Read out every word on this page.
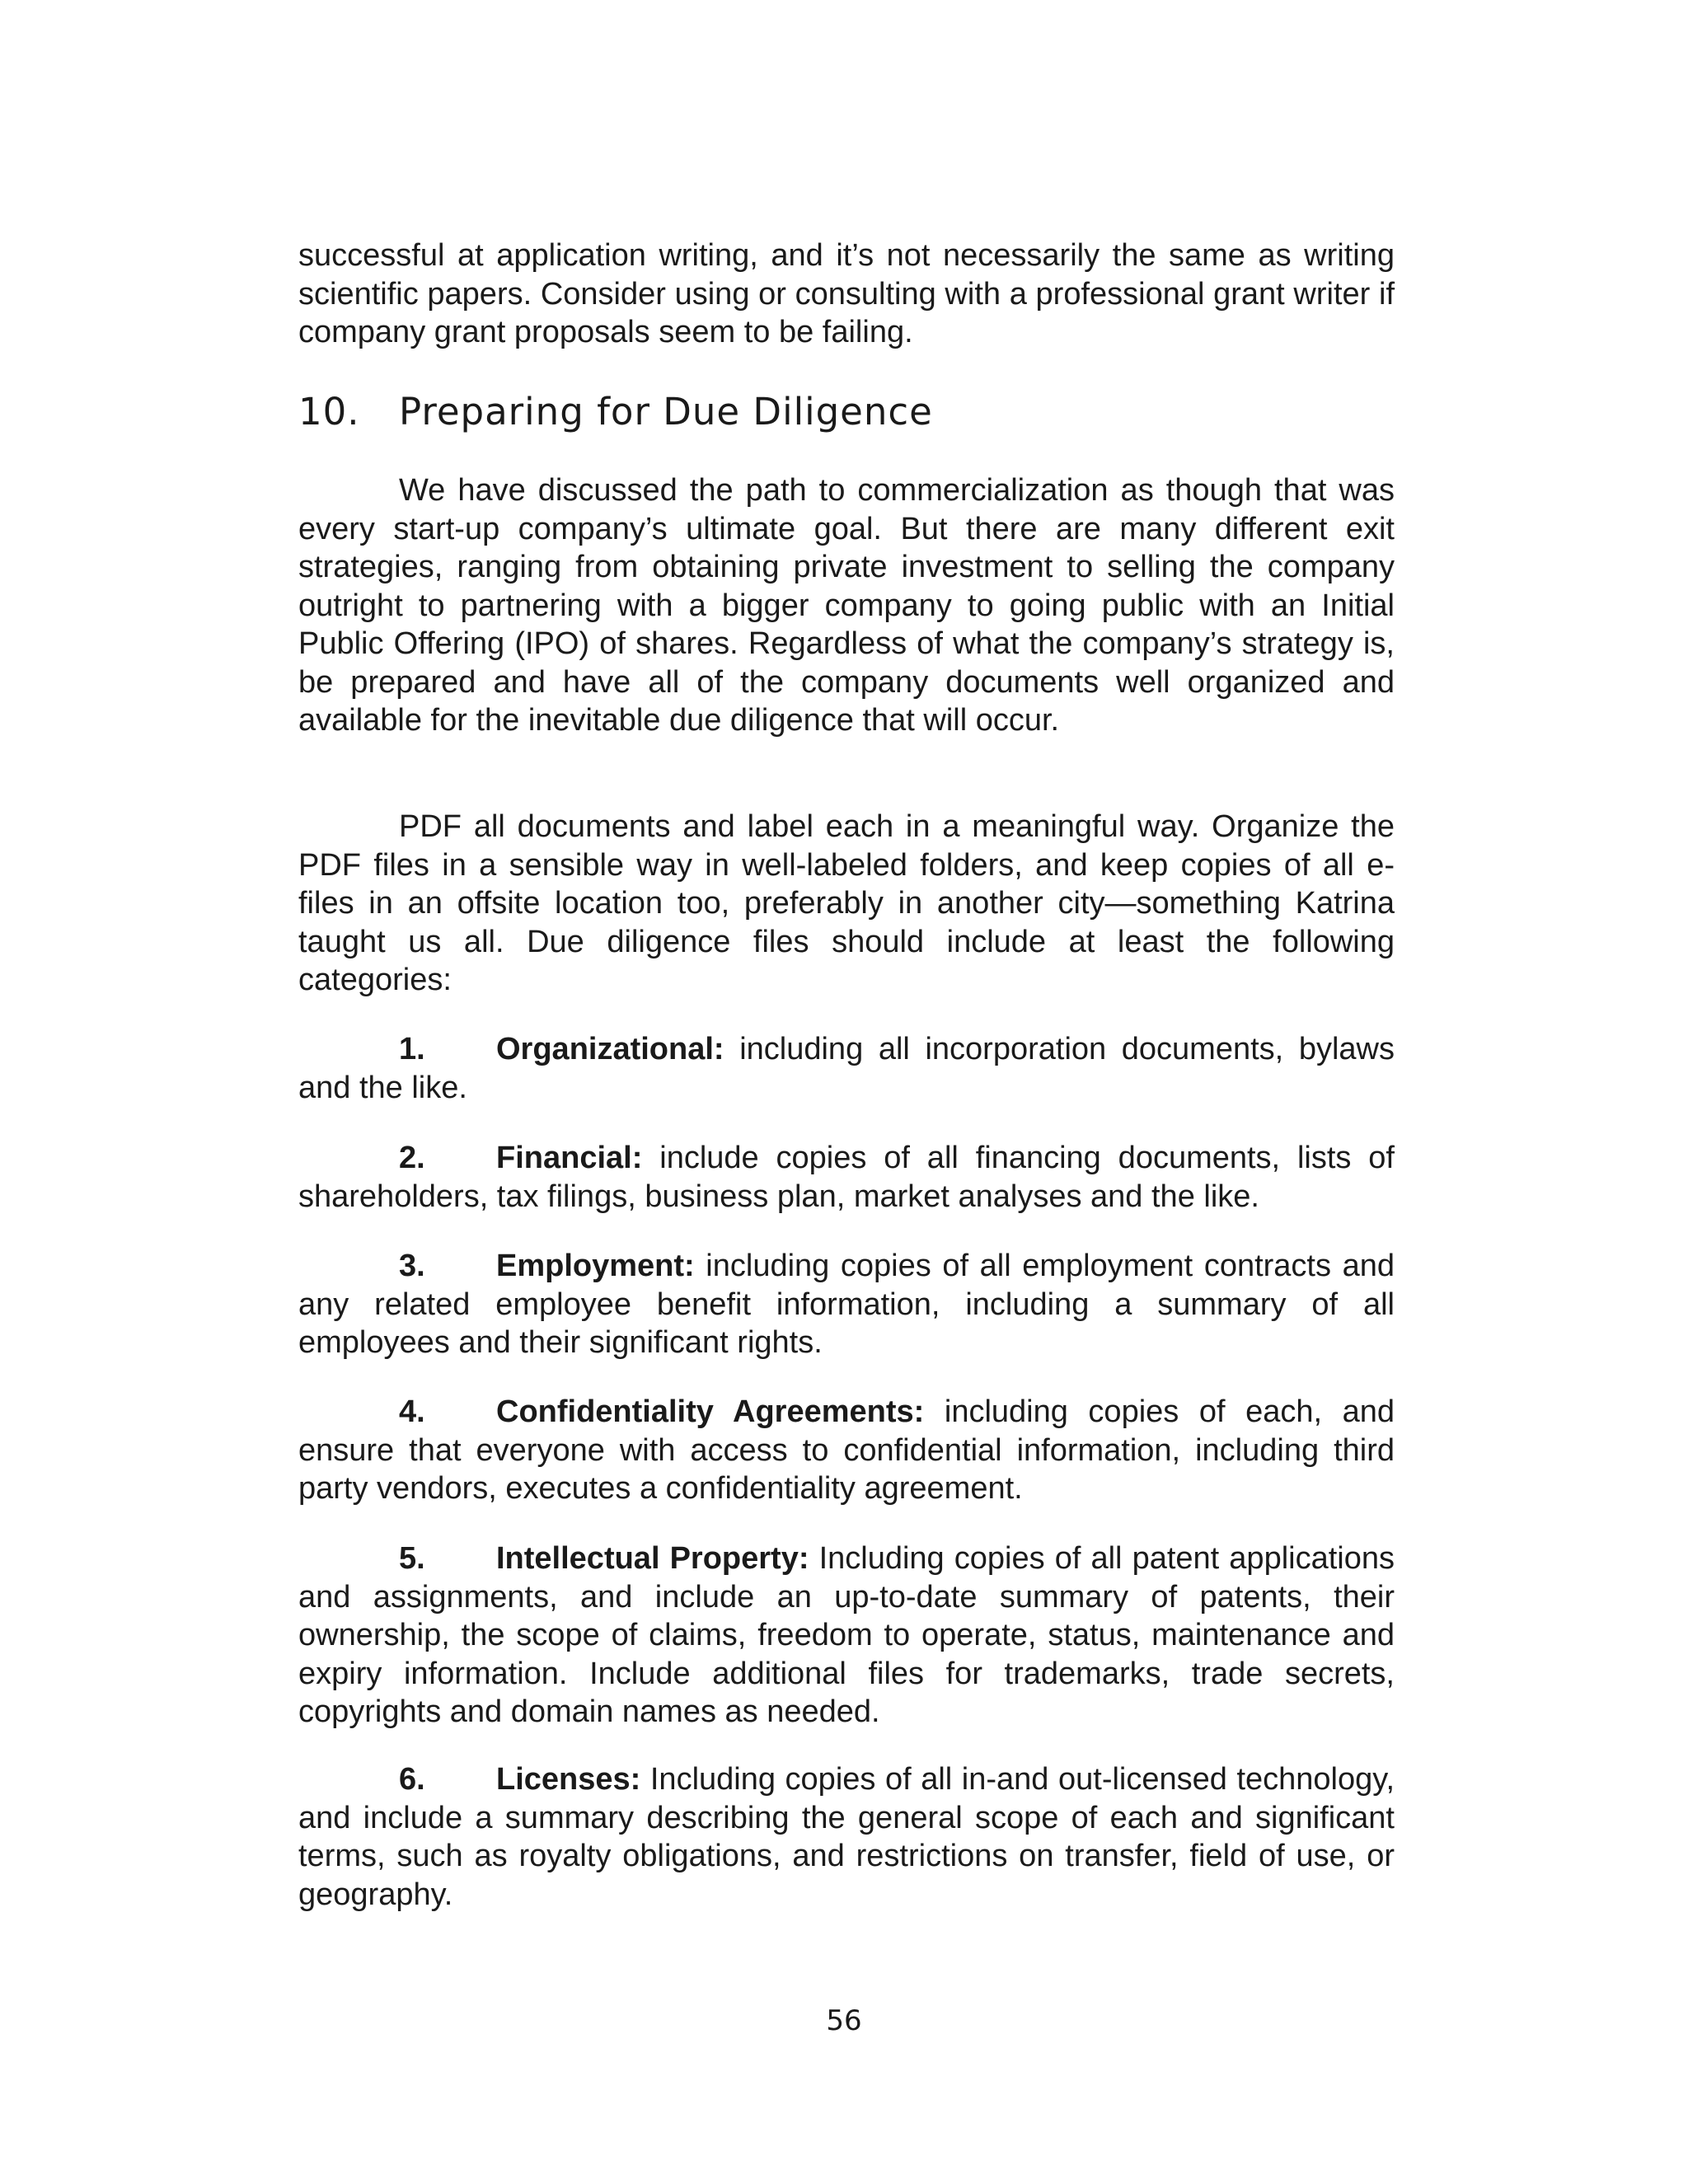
successful at application writing, and it’s not necessarily the same as writing scientific papers. Consider using or consulting with a professional grant writer if company grant proposals seem to be failing.

10. Preparing for Due Diligence

We have discussed the path to commercialization as though that was every start-up company’s ultimate goal. But there are many different exit strategies, ranging from obtaining private investment to selling the company outright to partnering with a bigger company to going public with an Initial Public Offering (IPO) of shares. Regardless of what the company’s strategy is, be prepared and have all of the company documents well organized and available for the inevitable due diligence that will occur.

PDF all documents and label each in a meaningful way. Organize the PDF files in a sensible way in well-labeled folders, and keep copies of all e-files in an offsite location too, preferably in another city—something Katrina taught us all. Due diligence files should include at least the following categories:

1. Organizational: including all incorporation documents, bylaws and the like.

2. Financial: include copies of all financing documents, lists of shareholders, tax filings, business plan, market analyses and the like.

3. Employment: including copies of all employment contracts and any related employee benefit information, including a summary of all employees and their significant rights.

4. Confidentiality Agreements: including copies of each, and ensure that everyone with access to confidential information, including third party vendors, executes a confidentiality agreement.

5. Intellectual Property: Including copies of all patent applications and assignments, and include an up-to-date summary of patents, their ownership, the scope of claims, freedom to operate, status, maintenance and expiry information. Include additional files for trademarks, trade secrets, copyrights and domain names as needed.

6. Licenses: Including copies of all in-and out-licensed technology, and include a summary describing the general scope of each and significant terms, such as royalty obligations, and restrictions on transfer, field of use, or geography.

56
